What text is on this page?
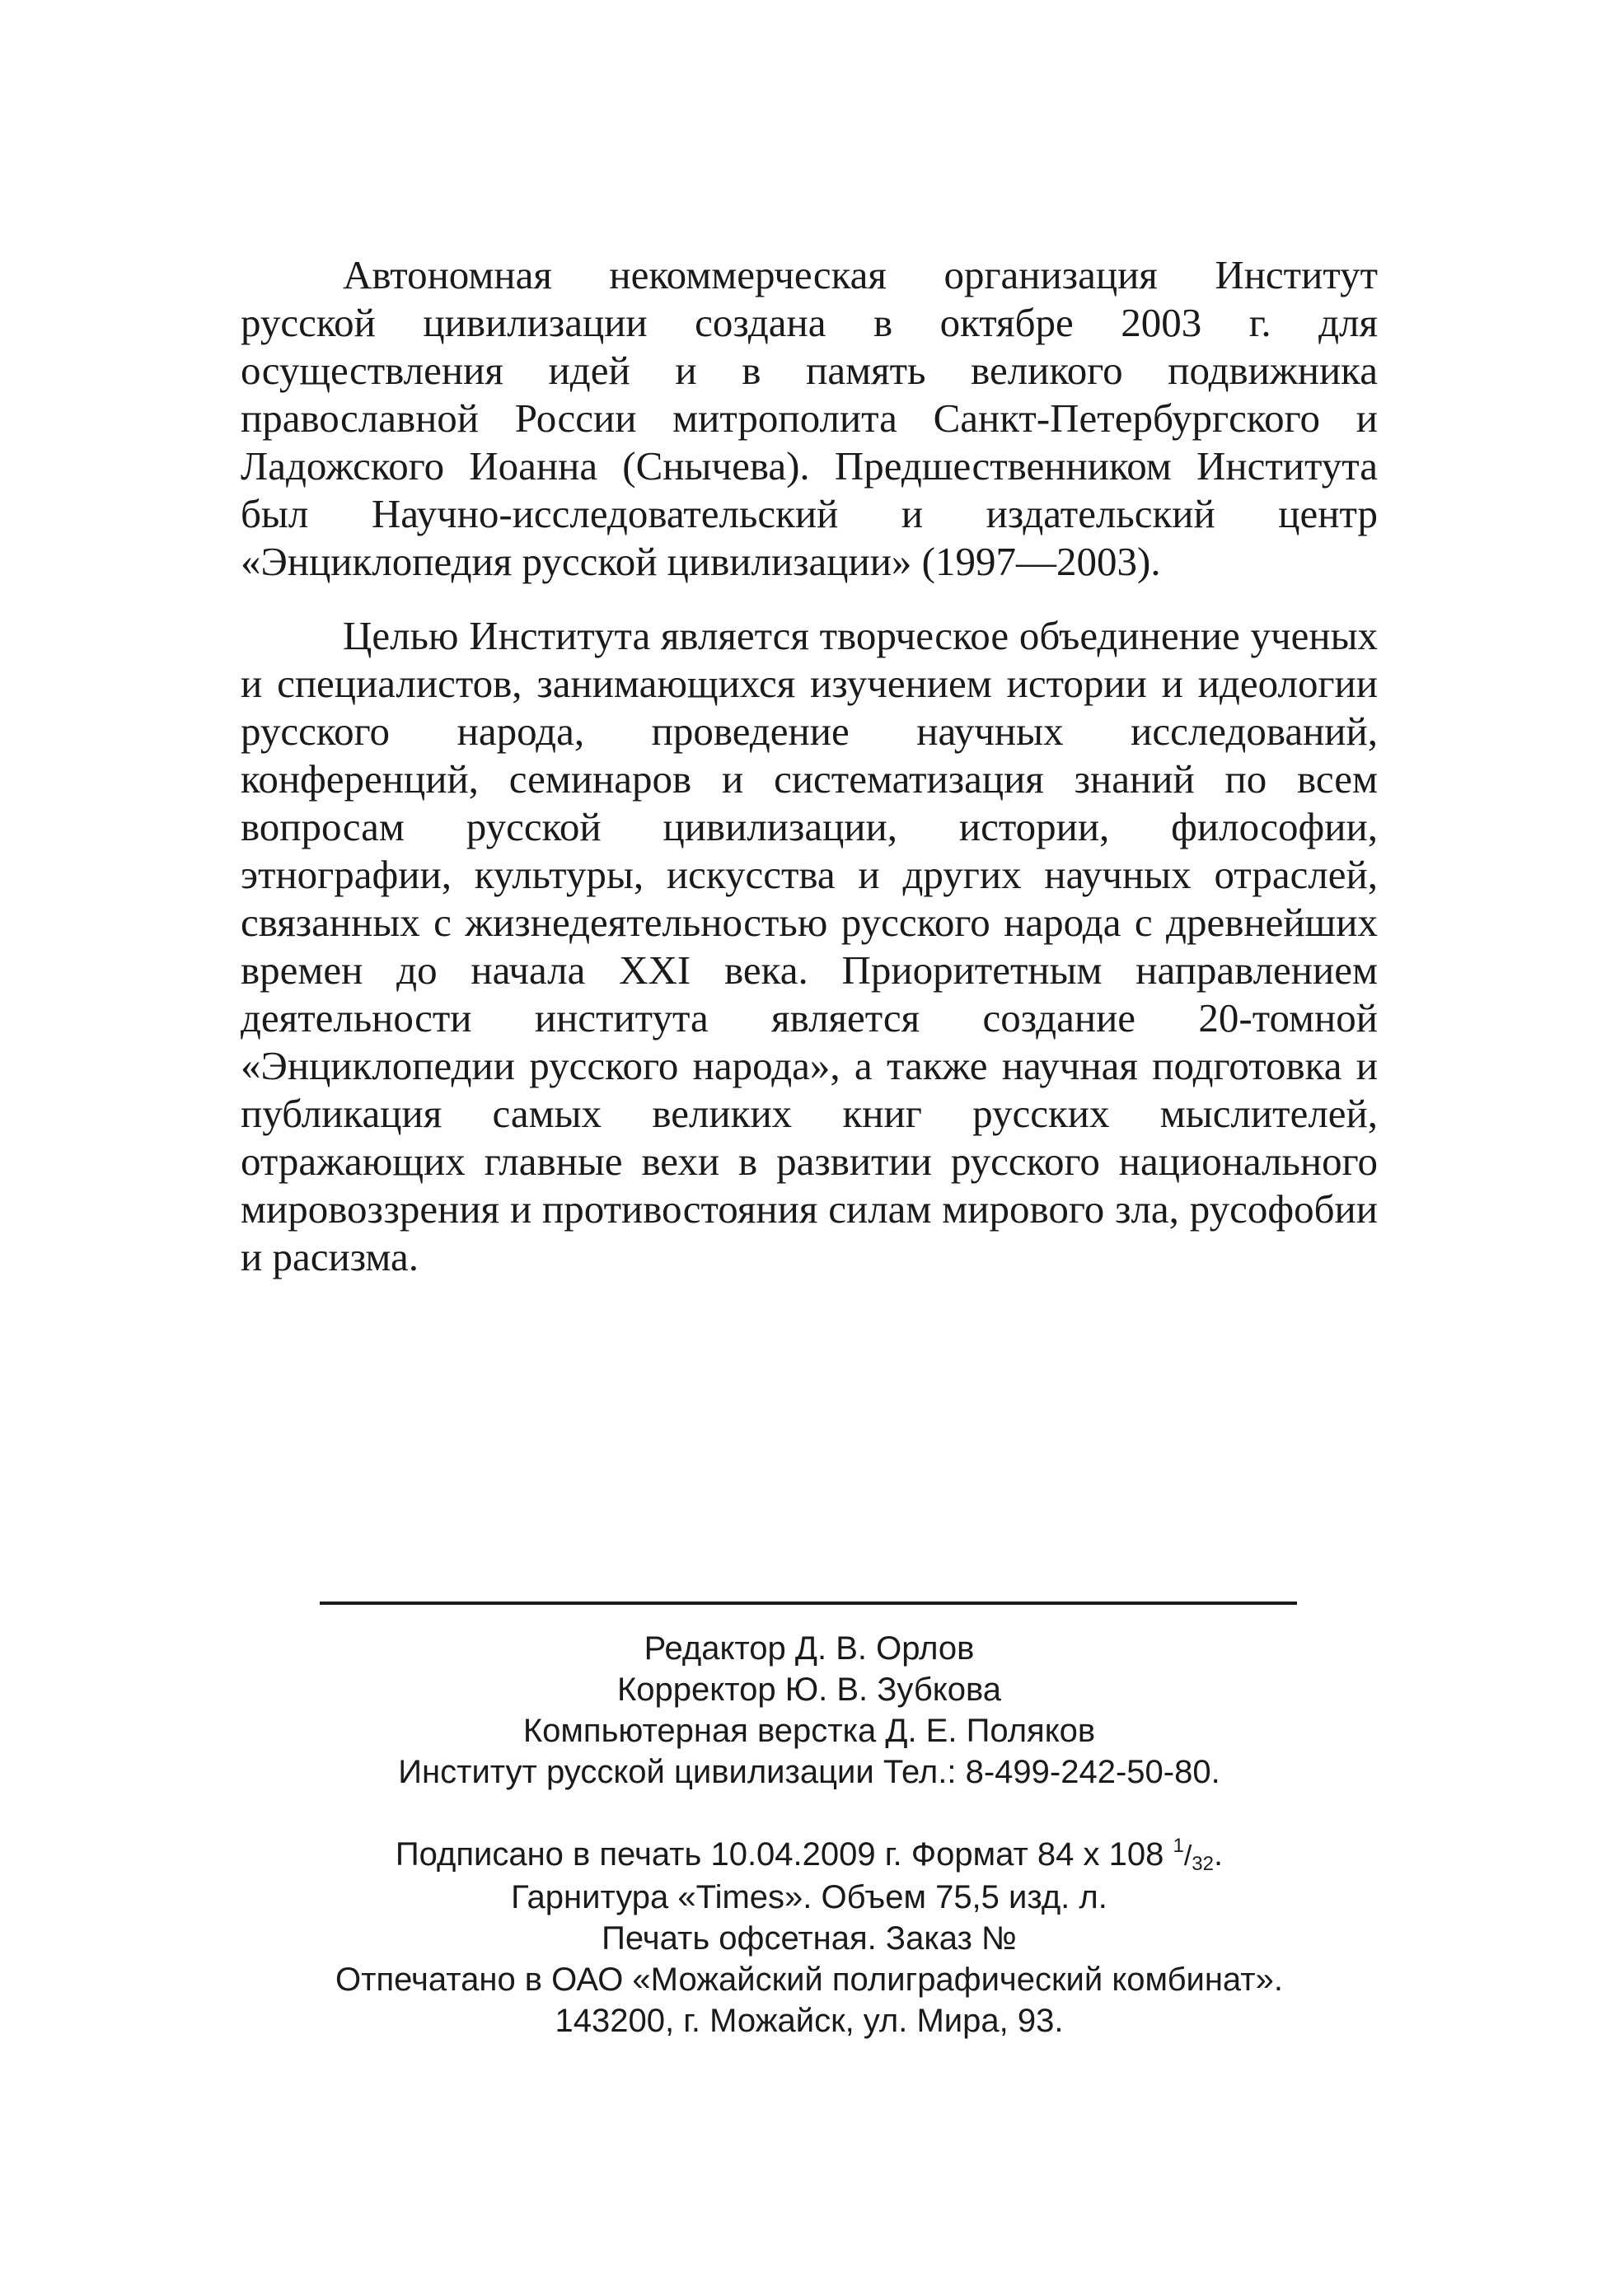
Автономная некоммерческая организация Институт русской цивилизации создана в октябре 2003 г. для осуществления идей и в память великого подвижника православной России митрополита Санкт-Петербургского и Ладожского Иоанна (Снычева). Предшественником Института был Научно-исследовательский и издательский центр «Энциклопедия русской цивилизации» (1997—2003).

Целью Института является творческое объединение ученых и специалистов, занимающихся изучением истории и идеологии русского народа, проведение научных исследований, конференций, семинаров и систематизация знаний по всем вопросам русской цивилизации, истории, философии, этнографии, культуры, искусства и других научных отраслей, связанных с жизнедеятельностью русского народа с древнейших времен до начала XXI века. Приоритетным направлением деятельности института является создание 20-томной «Энциклопедии русского народа», а также научная подготовка и публикация самых великих книг русских мыслителей, отражающих главные вехи в развитии русского национального мировоззрения и противостояния силам мирового зла, русофобии и расизма.

Редактор Д. В. Орлов
Корректор Ю. В. Зубкова
Компьютерная верстка Д. Е. Поляков
Институт русской цивилизации Тел.: 8-499-242-50-80.
Подписано в печать 10.04.2009 г. Формат 84 х 108 $^1/_{32}$.
Гарнитура «Times». Объем 75,5 изд. л.
Печать офсетная. Заказ №
Отпечатано в ОАО «Можайский полиграфический комбинат».
143200, г. Можайск, ул. Мира, 93.
